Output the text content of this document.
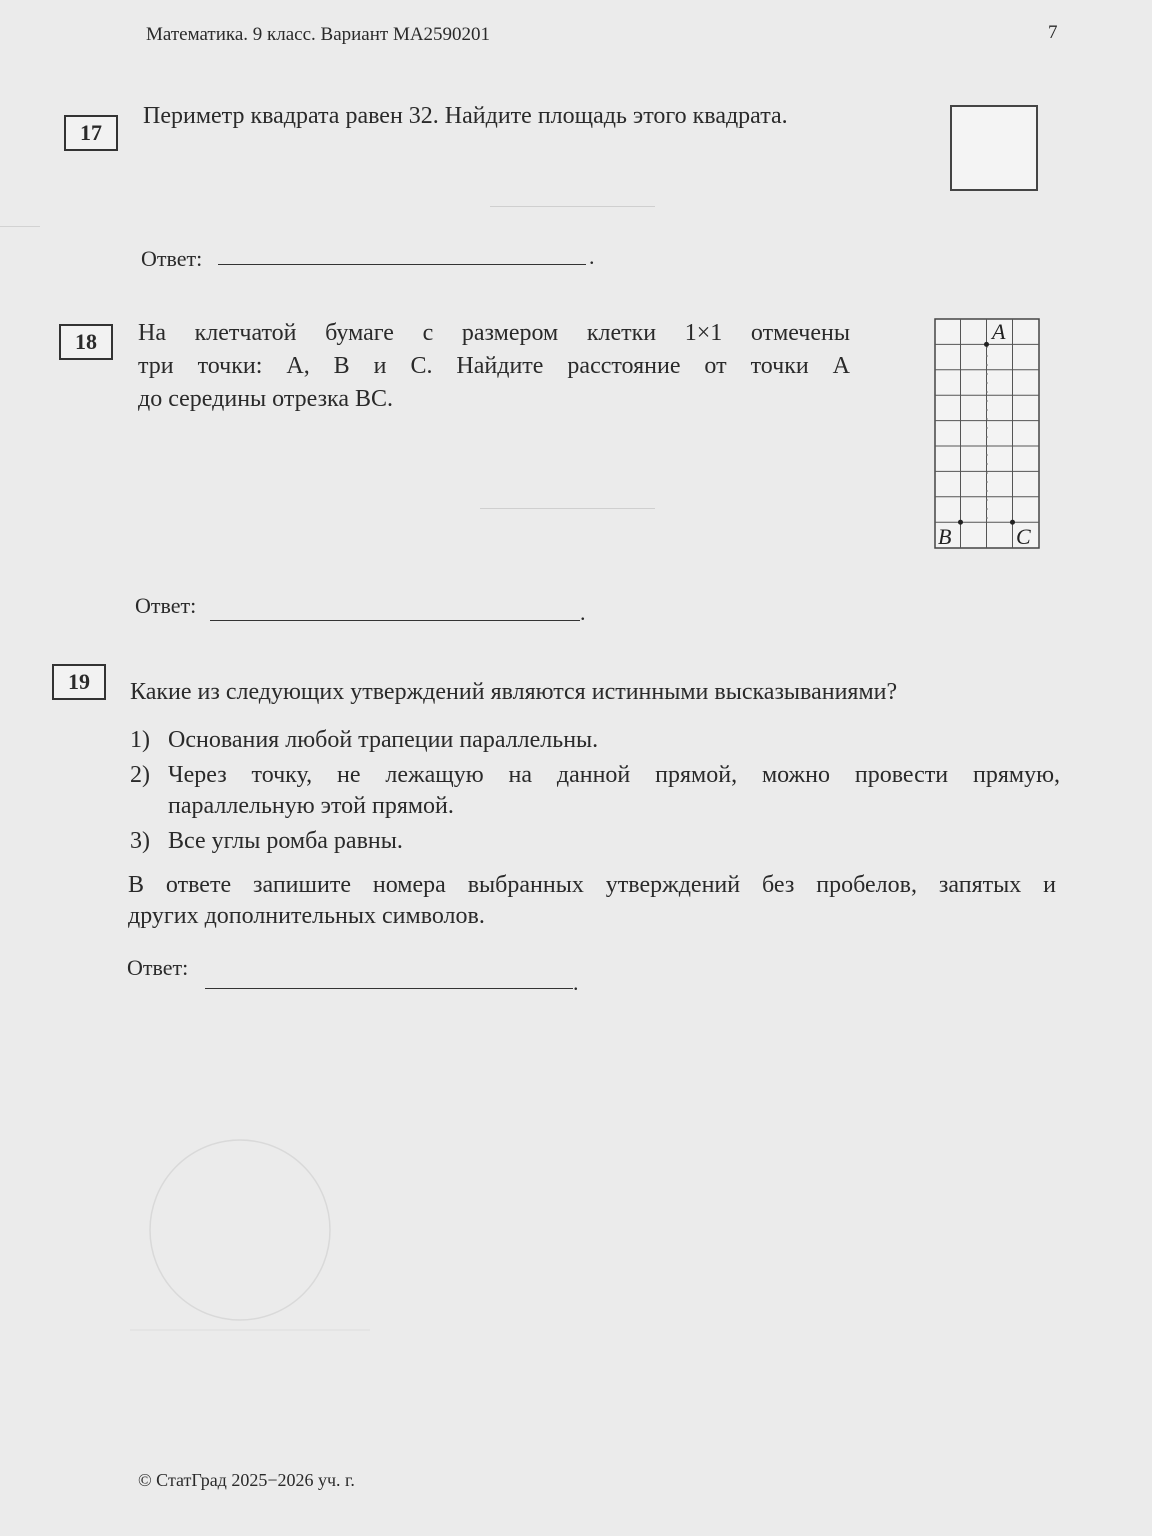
Математика. 9 класс. Вариант МА2590201	7
17
Периметр квадрата равен 32. Найдите площадь этого квадрата.
Ответ:	.
18	На клетчатой бумаге с размером клетки 1×1 отмечены
три точки: A, B и C. Найдите расстояние от точки A
до середины отрезка BC.
A
B	C
Ответ:	.
19	Какие из следующих утверждений являются истинными высказываниями?
1) Основания любой трапеции параллельны.
2) Через точку, не лежащую на данной прямой, можно провести прямую,
параллельную этой прямой.
3) Все углы ромба равны.
В ответе запишите номера выбранных утверждений без пробелов, запятых и
других дополнительных символов.
Ответ:
.
© СтатГрад 2025−2026 уч. г.
